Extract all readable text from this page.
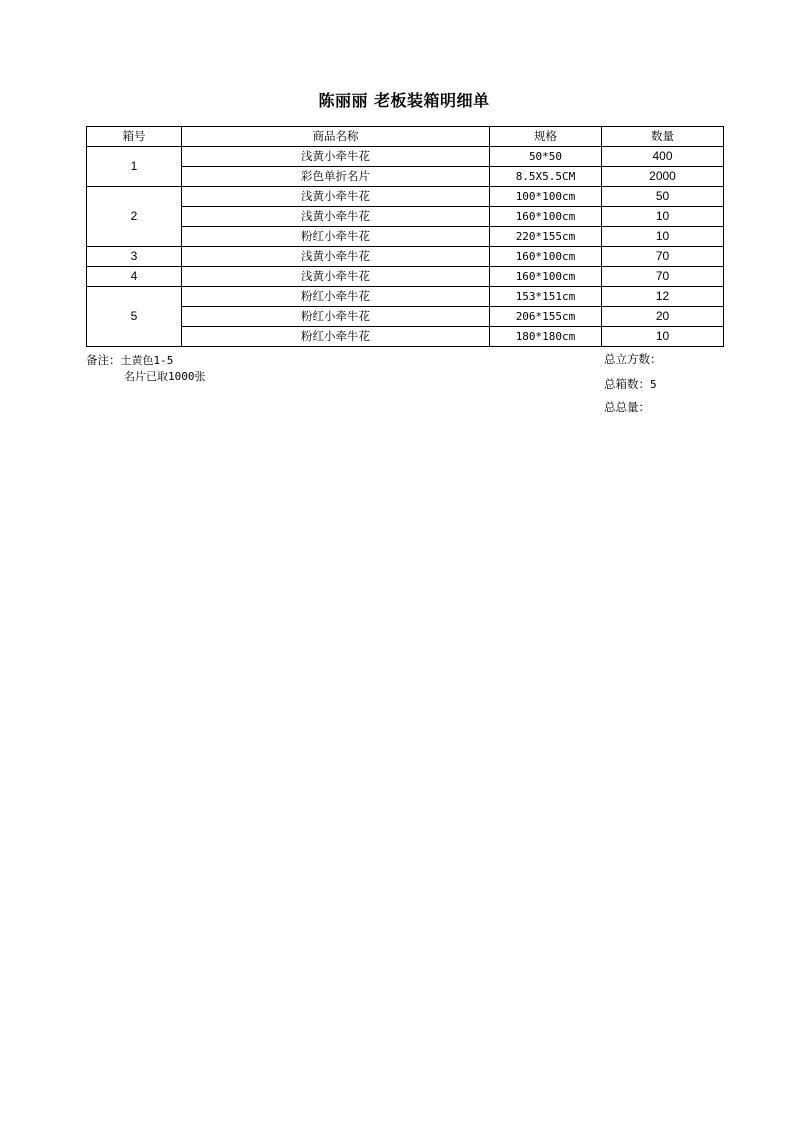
陈丽丽 老板装箱明细单
箱号	商品名称	规格	数量
1	浅黄小牵牛花	50*50	400
	彩色单折名片	8.5X5.5CM	2000
2	浅黄小牵牛花	100*100cm	50
	浅黄小牵牛花	160*100cm	10
	粉红小牵牛花	220*155cm	10
3	浅黄小牵牛花	160*100cm	70
4	浅黄小牵牛花	160*100cm	70
5	粉红小牵牛花	153*151cm	12
	粉红小牵牛花	206*155cm	20
	粉红小牵牛花	180*180cm	10
备注：土黄色1-5
名片已取1000张
总立方数：
总箱数：5
总总量：
